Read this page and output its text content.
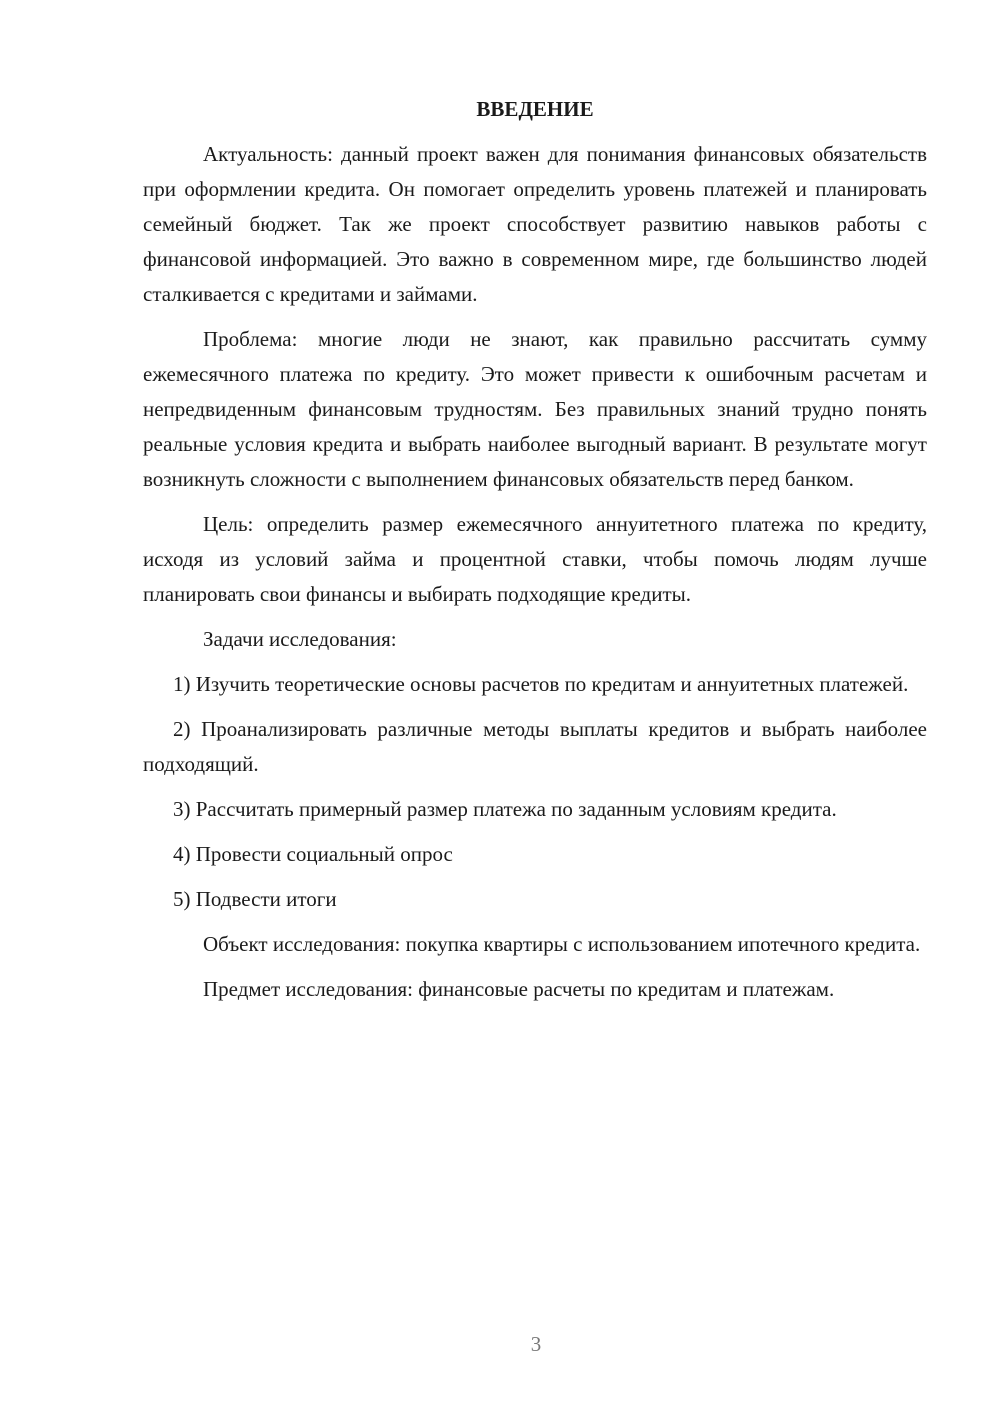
ВВЕДЕНИЕ

Актуальность: данный проект важен для понимания финансовых обязательств при оформлении кредита. Он помогает определить уровень платежей и планировать семейный бюджет. Так же проект способствует развитию навыков работы с финансовой информацией. Это важно в современном мире, где большинство людей сталкивается с кредитами и займами.

Проблема: многие люди не знают, как правильно рассчитать сумму ежемесячного платежа по кредиту. Это может привести к ошибочным расчетам и непредвиденным финансовым трудностям. Без правильных знаний трудно понять реальные условия кредита и выбрать наиболее выгодный вариант. В результате могут возникнуть сложности с выполнением финансовых обязательств перед банком.

Цель: определить размер ежемесячного аннуитетного платежа по кредиту, исходя из условий займа и процентной ставки, чтобы помочь людям лучше планировать свои финансы и выбирать подходящие кредиты.

Задачи исследования:

1) Изучить теоретические основы расчетов по кредитам и аннуитетных платежей.

2) Проанализировать различные методы выплаты кредитов и выбрать наиболее подходящий.

3) Рассчитать примерный размер платежа по заданным условиям кредита.

4) Провести социальный опрос

5) Подвести итоги

Объект исследования: покупка квартиры с использованием ипотечного кредита.

Предмет исследования: финансовые расчеты по кредитам и платежам.

3
